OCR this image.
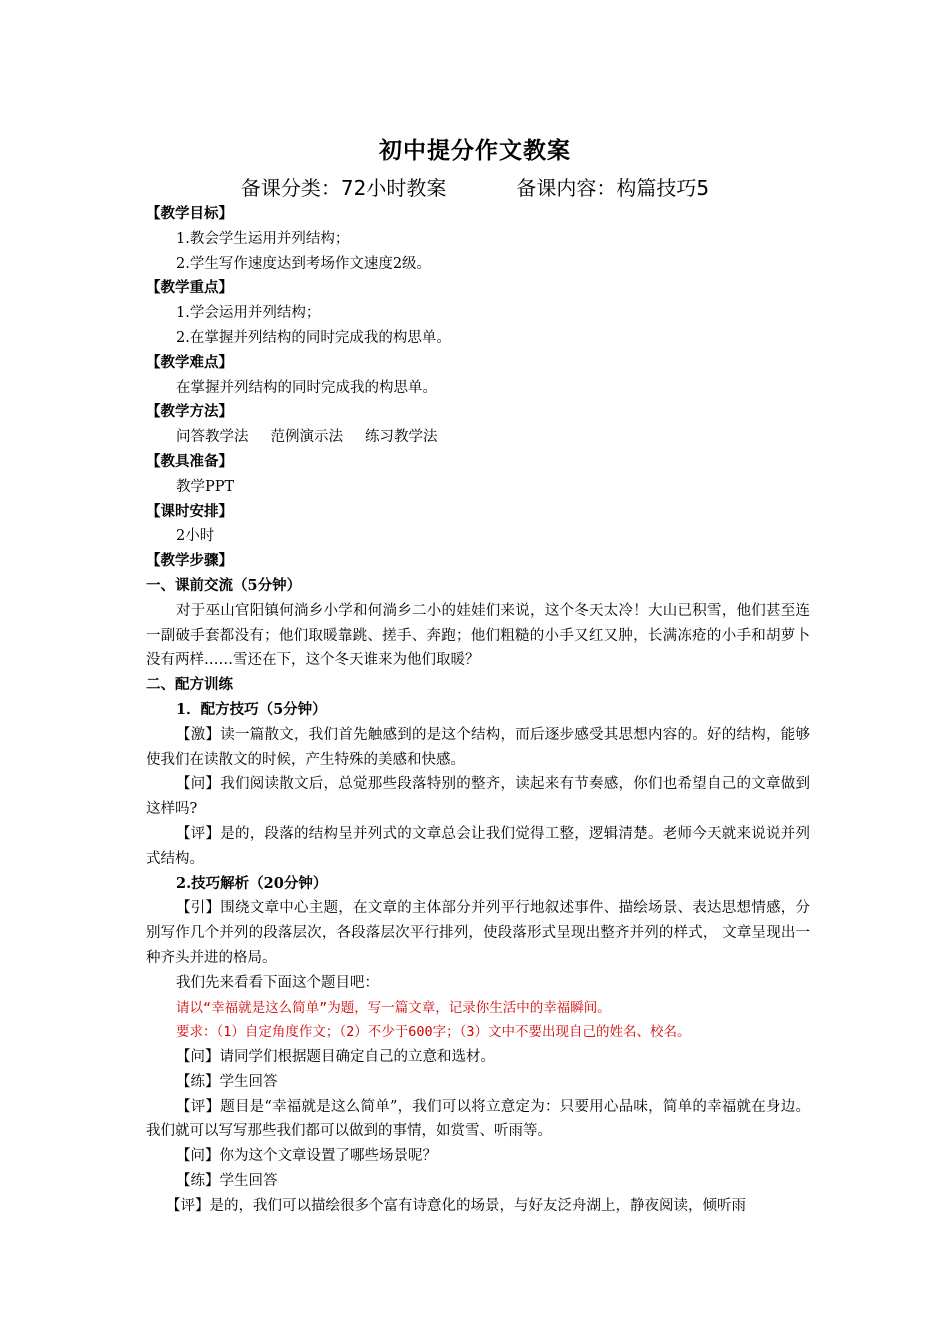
初中提分作文教案
备课分类：72小时教案	备课内容：构篇技巧5
【教学目标】
1.教会学生运用并列结构；
2.学生写作速度达到考场作文速度2级。
【教学重点】
1.学会运用并列结构；
2.在掌握并列结构的同时完成我的构思单。
【教学难点】
在掌握并列结构的同时完成我的构思单。
【教学方法】
问答教学法 范例演示法 练习教学法
【教具准备】
教学PPT
【课时安排】
2小时
【教学步骤】
一、课前交流（5分钟）
对于巫山官阳镇何淌乡小学和何淌乡二小的娃娃们来说，这个冬天太冷！大山已积雪，他们甚至连一副破手套都没有；他们取暖靠跳、搓手、奔跑；他们粗糙的小手又红又肿，长满冻疮的小手和胡萝卜没有两样……雪还在下，这个冬天谁来为他们取暖？
二、配方训练
1．配方技巧（5分钟）
【激】读一篇散文，我们首先触感到的是这个结构，而后逐步感受其思想内容的。好的结构，能够使我们在读散文的时候，产生特殊的美感和快感。
【问】我们阅读散文后，总觉那些段落特别的整齐，读起来有节奏感，你们也希望自己的文章做到这样吗?
【评】是的，段落的结构呈并列式的文章总会让我们觉得工整，逻辑清楚。老师今天就来说说并列式结构。
2.技巧解析（20分钟）
【引】围绕文章中心主题，在文章的主体部分并列平行地叙述事件、描绘场景、表达思想情感，分别写作几个并列的段落层次，各段落层次平行排列，使段落形式呈现出整齐并列的样式， 文章呈现出一种齐头并进的格局。
我们先来看看下面这个题目吧：
请以“幸福就是这么简单”为题，写一篇文章，记录你生活中的幸福瞬间。
要求：（1）自定角度作文；（2）不少于600字；（3）文中不要出现自己的姓名、校名。
【问】请同学们根据题目确定自己的立意和选材。
【练】学生回答
【评】题目是“幸福就是这么简单”，我们可以将立意定为：只要用心品味，简单的幸福就在身边。我们就可以写写那些我们都可以做到的事情，如赏雪、听雨等。
【问】你为这个文章设置了哪些场景呢？
【练】学生回答
【评】是的，我们可以描绘很多个富有诗意化的场景，与好友泛舟湖上，静夜阅读，倾听雨
